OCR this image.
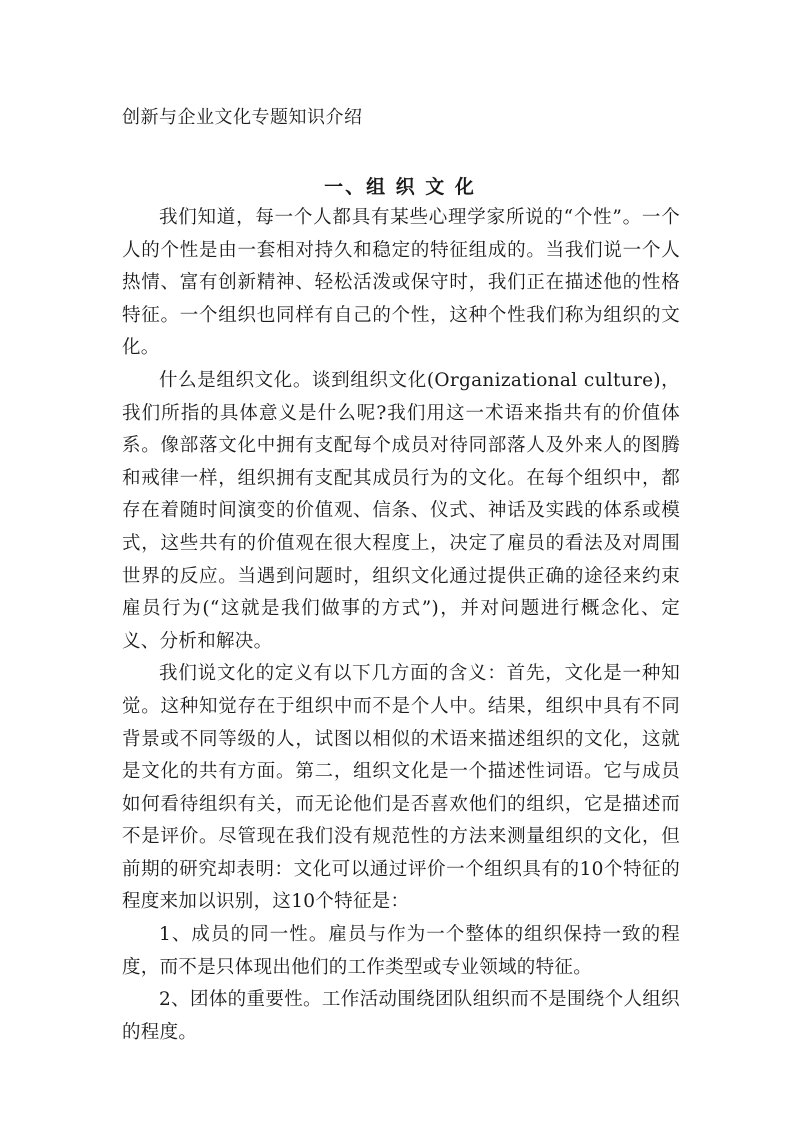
创新与企业文化专题知识介绍
一、组 织 文 化

我们知道，每一个人都具有某些心理学家所说的“个性”。一个人的个性是由一套相对持久和稳定的特征组成的。当我们说一个人热情、富有创新精神、轻松活泼或保守时，我们正在描述他的性格特征。一个组织也同样有自己的个性，这种个性我们称为组织的文化。

什么是组织文化。谈到组织文化(Organizational culture)，我们所指的具体意义是什么呢?我们用这一术语来指共有的价值体系。像部落文化中拥有支配每个成员对待同部落人及外来人的图腾和戒律一样，组织拥有支配其成员行为的文化。在每个组织中，都存在着随时间演变的价值观、信条、仪式、神话及实践的体系或模式，这些共有的价值观在很大程度上，决定了雇员的看法及对周围世界的反应。当遇到问题时，组织文化通过提供正确的途径来约束雇员行为(“这就是我们做事的方式”)，并对问题进行概念化、定义、分析和解决。

我们说文化的定义有以下几方面的含义：首先，文化是一种知觉。这种知觉存在于组织中而不是个人中。结果，组织中具有不同背景或不同等级的人，试图以相似的术语来描述组织的文化，这就是文化的共有方面。第二，组织文化是一个描述性词语。它与成员如何看待组织有关，而无论他们是否喜欢他们的组织，它是描述而不是评价。尽管现在我们没有规范性的方法来测量组织的文化，但前期的研究却表明：文化可以通过评价一个组织具有的10个特征的程度来加以识别，这10个特征是：

1、成员的同一性。雇员与作为一个整体的组织保持一致的程度，而不是只体现出他们的工作类型或专业领域的特征。

2、团体的重要性。工作活动围绕团队组织而不是围绕个人组织的程度。
